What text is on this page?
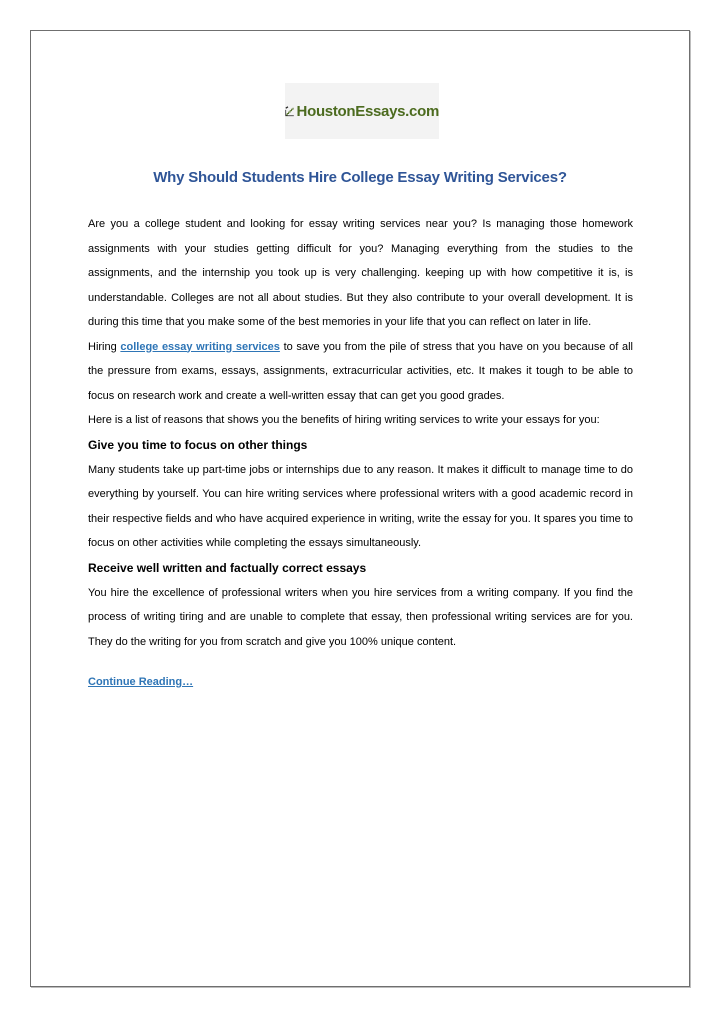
HoustonEssays.com
Why Should Students Hire College Essay Writing Services?

Are you a college student and looking for essay writing services near you? Is managing those homework assignments with your studies getting difficult for you? Managing everything from the studies to the assignments, and the internship you took up is very challenging. keeping up with how competitive it is, is understandable. Colleges are not all about studies. But they also contribute to your overall development. It is during this time that you make some of the best memories in your life that you can reflect on later in life.

Hiring college essay writing services to save you from the pile of stress that you have on you because of all the pressure from exams, essays, assignments, extracurricular activities, etc. It makes it tough to be able to focus on research work and create a well-written essay that can get you good grades.

Here is a list of reasons that shows you the benefits of hiring writing services to write your essays for you:

Give you time to focus on other things

Many students take up part-time jobs or internships due to any reason. It makes it difficult to manage time to do everything by yourself. You can hire writing services where professional writers with a good academic record in their respective fields and who have acquired experience in writing, write the essay for you. It spares you time to focus on other activities while completing the essays simultaneously.

Receive well written and factually correct essays

You hire the excellence of professional writers when you hire services from a writing company. If you find the process of writing tiring and are unable to complete that essay, then professional writing services are for you. They do the writing for you from scratch and give you 100% unique content.

Continue Reading…
